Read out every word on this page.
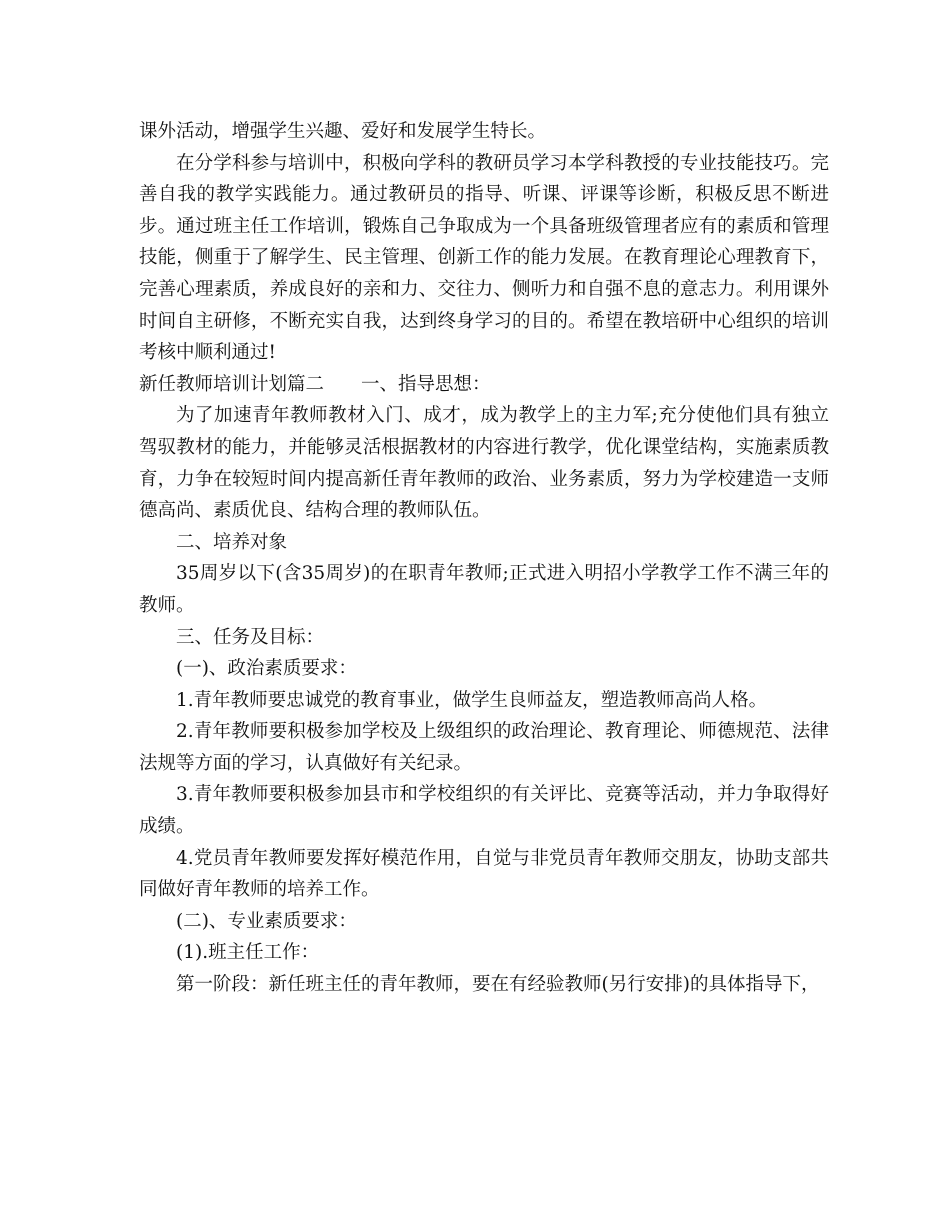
课外活动，增强学生兴趣、爱好和发展学生特长。

在分学科参与培训中，积极向学科的教研员学习本学科教授的专业技能技巧。完善自我的教学实践能力。通过教研员的指导、听课、评课等诊断，积极反思不断进步。通过班主任工作培训，锻炼自己争取成为一个具备班级管理者应有的素质和管理技能，侧重于了解学生、民主管理、创新工作的能力发展。在教育理论心理教育下，完善心理素质，养成良好的亲和力、交往力、侧听力和自强不息的意志力。利用课外时间自主研修，不断充实自我，达到终身学习的目的。希望在教培研中心组织的培训考核中顺利通过!

新任教师培训计划篇二　　一、指导思想：

为了加速青年教师教材入门、成才，成为教学上的主力军;充分使他们具有独立驾驭教材的能力，并能够灵活根据教材的内容进行教学，优化课堂结构，实施素质教育，力争在较短时间内提高新任青年教师的政治、业务素质，努力为学校建造一支师德高尚、素质优良、结构合理的教师队伍。

二、培养对象

35周岁以下(含35周岁)的在职青年教师;正式进入明招小学教学工作不满三年的教师。

三、任务及目标：

(一)、政治素质要求：

1.青年教师要忠诚党的教育事业，做学生良师益友，塑造教师高尚人格。

2.青年教师要积极参加学校及上级组织的政治理论、教育理论、师德规范、法律法规等方面的学习，认真做好有关纪录。

3.青年教师要积极参加县市和学校组织的有关评比、竞赛等活动，并力争取得好成绩。

4.党员青年教师要发挥好模范作用，自觉与非党员青年教师交朋友，协助支部共同做好青年教师的培养工作。

(二)、专业素质要求：

(1).班主任工作：

第一阶段：新任班主任的青年教师，要在有经验教师(另行安排)的具体指导下，
